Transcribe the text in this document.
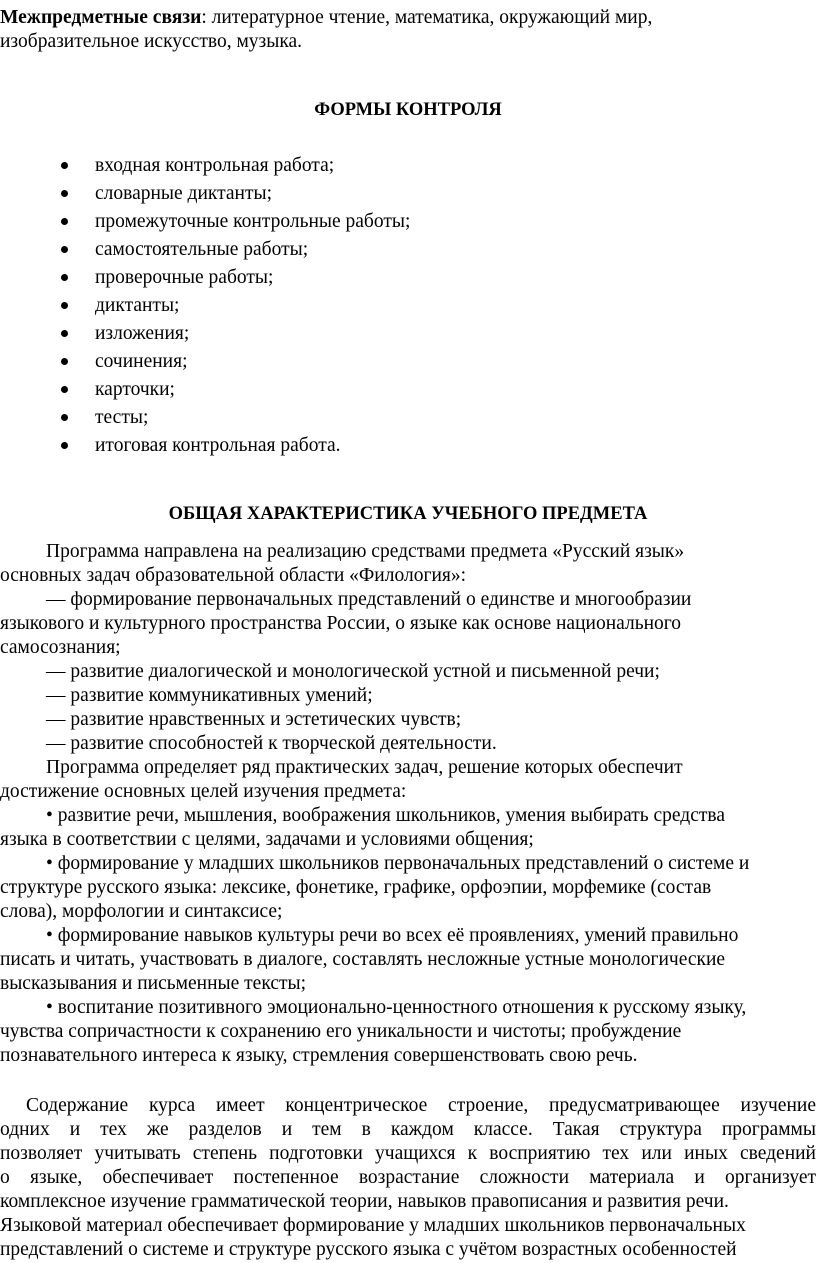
Межпредметные связи: литературное чтение, математика, окружающий мир,
изобразительное искусство, музыка.
ФОРМЫ КОНТРОЛЯ
входная контрольная работа;
словарные диктанты;
промежуточные контрольные работы;
самостоятельные работы;
проверочные работы;
диктанты;
изложения;
сочинения;
карточки;
тесты;
итоговая контрольная работа.
ОБЩАЯ ХАРАКТЕРИСТИКА УЧЕБНОГО ПРЕДМЕТА
Программа направлена на реализацию средствами предмета «Русский язык»
основных задач образовательной области «Филология»:
— формирование первоначальных представлений о единстве и многообразии
языкового и культурного пространства России, о языке как основе национального
самосознания;
— развитие диалогической и монологической устной и письменной речи;
— развитие коммуникативных умений;
— развитие нравственных и эстетических чувств;
— развитие способностей к творческой деятельности.
Программа определяет ряд практических задач, решение которых обеспечит
достижение основных целей изучения предмета:
• развитие речи, мышления, воображения школьников, умения выбирать средства
языка в соответствии с целями, задачами и условиями общения;
• формирование у младших школьников первоначальных представлений о системе и
структуре русского языка: лексике, фонетике, графике, орфоэпии, морфемике (состав
слова), морфологии и синтаксисе;
• формирование навыков культуры речи во всех её проявлениях, умений правильно
писать и читать, участвовать в диалоге, составлять несложные устные монологические
высказывания и письменные тексты;
• воспитание позитивного эмоционально-ценностного отношения к русскому языку,
чувства сопричастности к сохранению его уникальности и чистоты; пробуждение
познавательного интереса к языку, стремления совершенствовать свою речь.
Содержание курса имеет концентрическое строение, предусматривающее изучение
одних и тех же разделов и тем в каждом классе. Такая структура программы
позволяет учитывать степень подготовки учащихся к восприятию тех или иных сведений
о языке, обеспечивает постепенное возрастание сложности материала и организует
комплексное изучение грамматической теории, навыков правописания и развития речи.
Языковой материал обеспечивает формирование у младших школьников первоначальных
представлений о системе и структуре русского языка с учётом возрастных особенностей
